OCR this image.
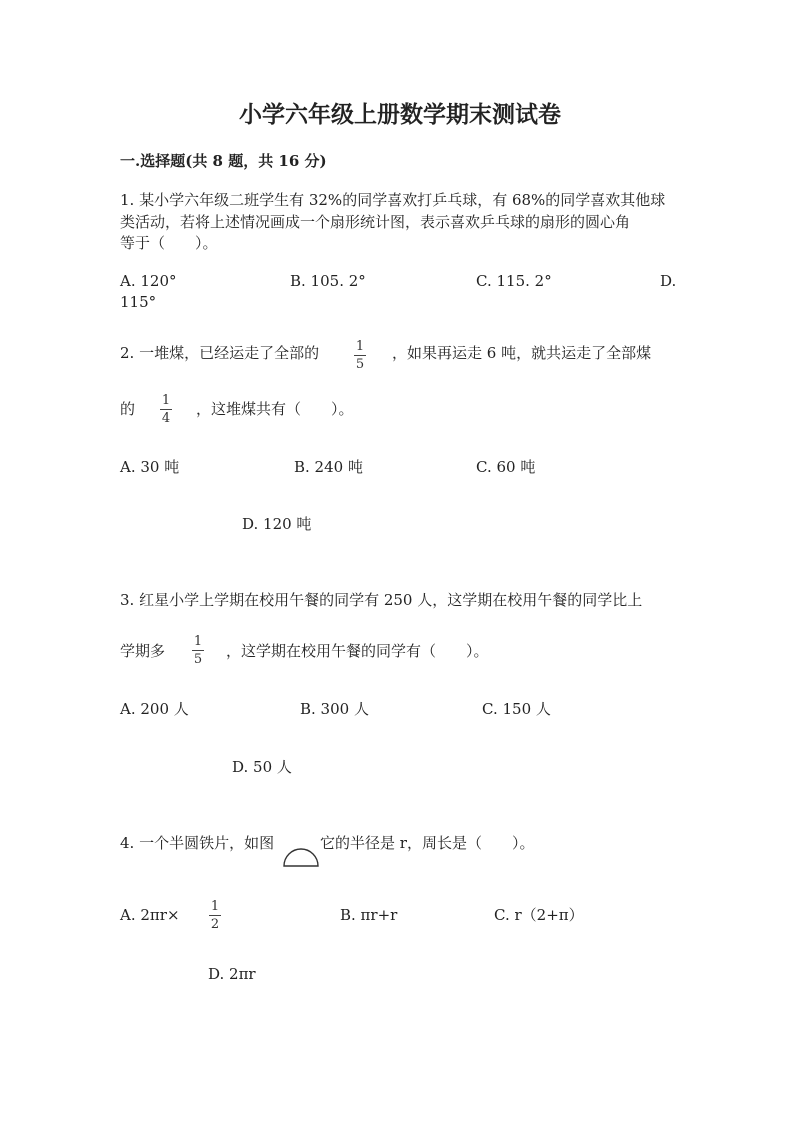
小学六年级上册数学期末测试卷
一.选择题(共 8 题，共 16 分)
1. 某小学六年级二班学生有 32%的同学喜欢打乒乓球，有 68%的同学喜欢其他球
类活动，若将上述情况画成一个扇形统计图，表示喜欢乒乓球的扇形的圆心角
等于（　　）。
A. 120°	B. 105. 2°	C. 115. 2°	D.
115°
2. 一堆煤，已经运走了全部的	1
5
，如果再运走 6 吨，就共运走了全部煤
的 1
4
，这堆煤共有（　　）。
A. 30 吨	B. 240 吨	C. 60 吨
D. 120 吨
3. 红星小学上学期在校用午餐的同学有 250 人，这学期在校用午餐的同学比上
学期多
1
5 ，这学期在校用午餐的同学有（　　）。
A. 200 人	B. 300 人	C. 150 人
D. 50 人
4. 一个半圆铁片，如图	它的半径是 r，周长是（　　）。
A. 2πr× 1
2
B. πr+r	C. r（2+π）
D. 2πr
